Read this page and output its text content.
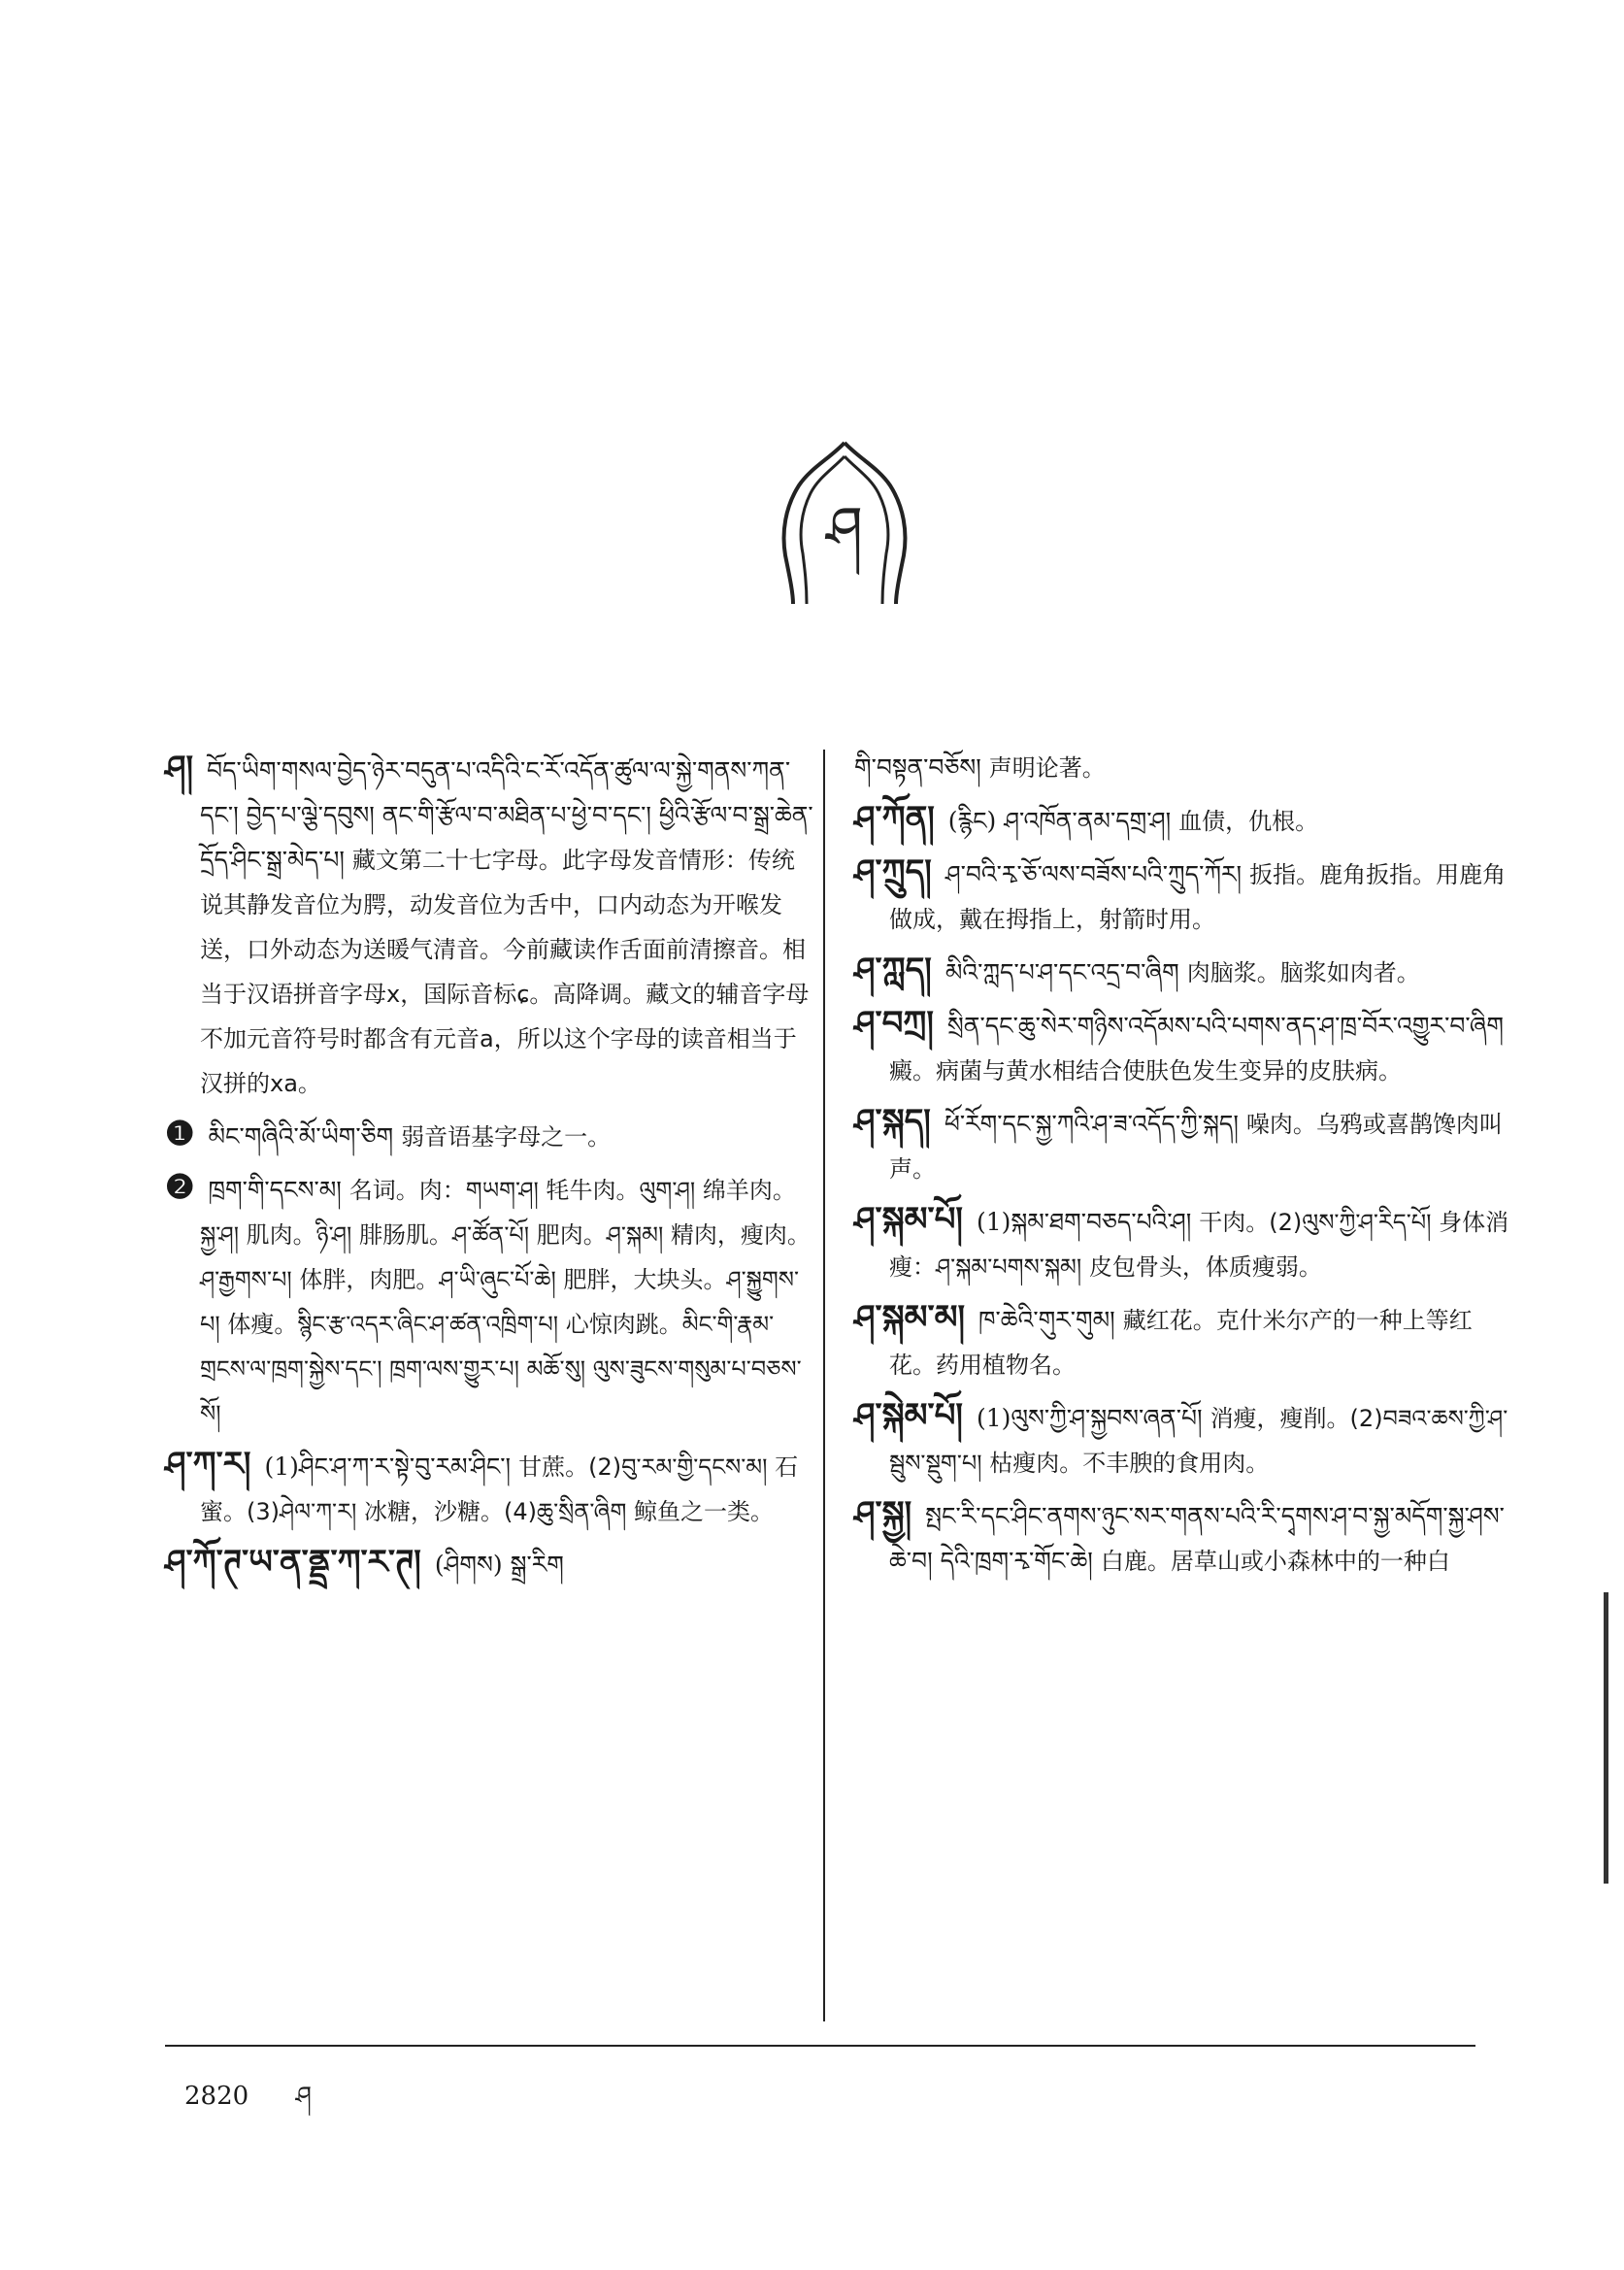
ཤ

ཤ། བོད་ཡིག་གསལ་བྱེད་ཉེར་བདུན་པ་འདིའི་ང་རོ་འདོན་ཚུལ་ལ་སྐྱེ་གནས་ཀན་དང་། བྱེད་པ་ལྕེ་དབུས། ནང་གི་རྩོལ་བ་མཐིན་པ་ཕྱེ་བ་དང་། ཕྱིའི་རྩོལ་བ་སྒྲ་ཆེན་དྲོད་ཤིང་སྒྲ་མེད་པ། 藏文第二十七字母。此字母发音情形：传统说其静发音位为腭，动发音位为舌中，口内动态为开喉发送，口外动态为送暖气清音。今前藏读作舌面前清擦音。相当于汉语拼音字母x，国际音标ɕ。高降调。藏文的辅音字母不加元音符号时都含有元音a，所以这个字母的读音相当于汉拼的xa。

❶ མིང་གཞིའི་མོ་ཡིག་ཅིག 弱音语基字母之一。

❷ ཁྲག་གི་དངས་མ། 名词。肉：གཡག་ཤ། 牦牛肉。ལུག་ཤ། 绵羊肉。སྐྱ་ཤ། 肌肉。ཉི་ཤ། 腓肠肌。ཤ་ཚོན་པོ། 肥肉。ཤ་སྐམ། 精肉，瘦肉。ཤ་རྒྱགས་པ། 体胖，肉肥。ཤ་ཡི་ཞུང་པོ་ཆེ། 肥胖，大块头。ཤ་སྐྱུགས་པ། 体瘦。སྙིང་རྩ་འདར་ཞིང་ཤ་ཚན་འཁྲིག་པ། 心惊肉跳。མིང་གི་རྣམ་གྲངས་ལ་ཁྲག་སྐྱེས་དང་། ཁྲག་ལས་གྱུར་པ། མཆོ་སུ། ལུས་ཟུངས་གསུམ་པ་བཅས་སོ།

ཤ་ཀ་ར། (1)ཤིང་ཤ་ཀ་ར་སྟེ་བུ་རམ་ཤིང་། 甘蔗。(2)བུ་རམ་གྱི་དངས་མ། 石蜜。(3)ཤེལ་ཀ་ར། 冰糖，沙糖。(4)ཆུ་སྲིན་ཞིག 鲸鱼之一类。

ཤ་ཀོ་ཊ་ཡ་ན་ནྡྲ་ཀ་ར་ཊ། (ཤིགས) སྒྲ་རིག

གི་བསྟན་བཅོས། 声明论著。

ཤ་ཀོན། (རྙིང) ཤ་འཁོན་ནམ་དགྲ་ཤ། 血债，仇根。

ཤ་ཀྲུད། ཤ་བའི་རྭ་ཅོ་ལས་བཟོས་པའི་ཀྲུད་ཀོར། 扳指。鹿角扳指。用鹿角做成，戴在拇指上，射箭时用。

ཤ་ཀླད། མིའི་ཀླད་པ་ཤ་དང་འདྲ་བ་ཞིག 肉脑浆。脑浆如肉者。

ཤ་བཀྲ། སྲིན་དང་ཆུ་སེར་གཉིས་འདོམས་པའི་པགས་ནད་ཤ་ཁྲ་བོར་འགྱུར་བ་ཞིག癜。病菌与黄水相结合使肤色发生变异的皮肤病。

ཤ་སྐད། ཕོ་རོག་དང་སྐྱ་ཀའི་ཤ་ཟ་འདོད་ཀྱི་སྐད། 噪肉。乌鸦或喜鹊馋肉叫声。

ཤ་སྐམ་པོ། (1)སྐམ་ཐག་བཅད་པའི་ཤ། 干肉。(2)ལུས་ཀྱི་ཤ་རིད་པོ། 身体消瘦：ཤ་སྐམ་པགས་སྐམ། 皮包骨头，体质瘦弱。

ཤ་སྐམ་མ། ཁ་ཆེའི་གུར་གུམ། 藏红花。克什米尔产的一种上等红花。药用植物名。

ཤ་སྐེམ་པོ། (1)ལུས་ཀྱི་ཤ་སྐྱབས་ཞན་པོ། 消瘦，瘦削。(2)བཟའ་ཆས་ཀྱི་ཤ་སྦུས་སྡུག་པ། 枯瘦肉。不丰腴的食用肉。

ཤ་སྐྱ། སྤང་རི་དང་ཤིང་ནགས་ཉུང་སར་གནས་པའི་རི་དྭགས་ཤ་བ་སྐྱ་མདོག་སྐྱ་ཤས་ཆེ་བ། དེའི་ཁྲག་རྭ་གོང་ཆེ། 白鹿。居草山或小森林中的一种白

2820 ཤ
